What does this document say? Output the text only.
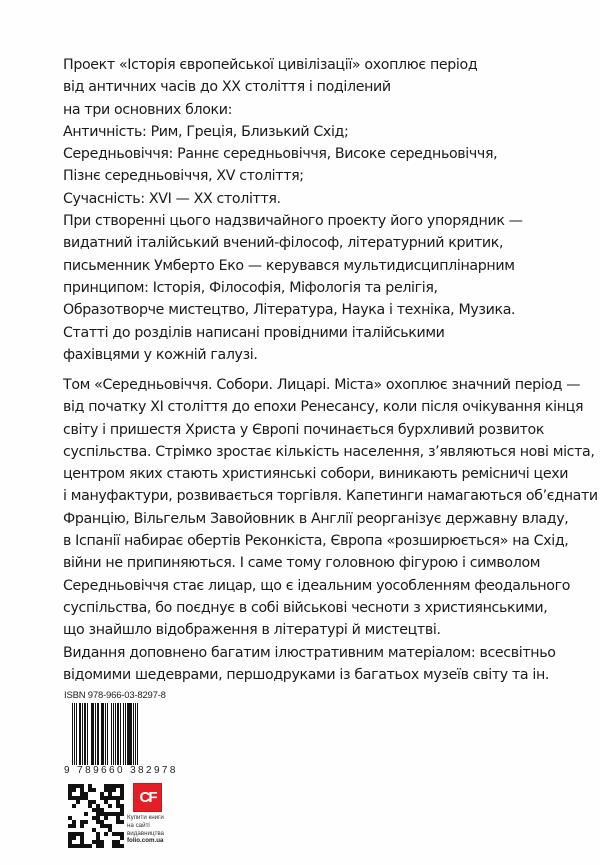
Проект «Історія європейської цивілізації» охоплює період
від античних часів до XX століття і поділений
на три основних блоки:
Античність: Рим, Греція, Близький Схід;
Середньовіччя: Раннє середньовіччя, Високе середньовіччя,
Пізнє середньовіччя, XV століття;
Сучасність: XVI — XX століття.
При створенні цього надзвичайного проекту його упорядник —
видатний італійський вчений-філософ, літературний критик,
письменник Умберто Еко — керувався мультидисциплінарним
принципом: Історія, Філософія, Міфологія та релігія,
Образотворче мистецтво, Література, Наука і техніка, Музика.
Статті до розділів написані провідними італійськими
фахівцями у кожній галузі.
Том «Середньовіччя. Собори. Лицарі. Міста» охоплює значний період —
від початку XI століття до епохи Ренесансу, коли після очікування кінця
світу і пришестя Христа у Європі починається бурхливий розвиток
суспільства. Стрімко зростає кількість населення, з’являються нові міста,
центром яких стають християнські собори, виникають ремісничі цехи
і мануфактури, розвивається торгівля. Капетинги намагаються об’єднати
Францію, Вільгельм Завойовник в Англії реорганізує державну владу,
в Іспанії набирає обертів Реконкіста, Європа «розширюється» на Схід,
війни не припиняються. І саме тому головною фігурою і символом
Середньовіччя стає лицар, що є ідеальним уособленням феодального
суспільства, бо поєднує в собі військові чесноти з християнськими,
що знайшло відображення в літературі й мистецтві.
Видання доповнено багатим ілюстративним матеріалом: всесвітньо
відомими шедеврами, першодруками із багатьох музеїв світу та ін.
ISBN 978-966-03-8297-8
9 789660 382978
CF
Купити книги
на сайті
видавництва
folio.com.ua
